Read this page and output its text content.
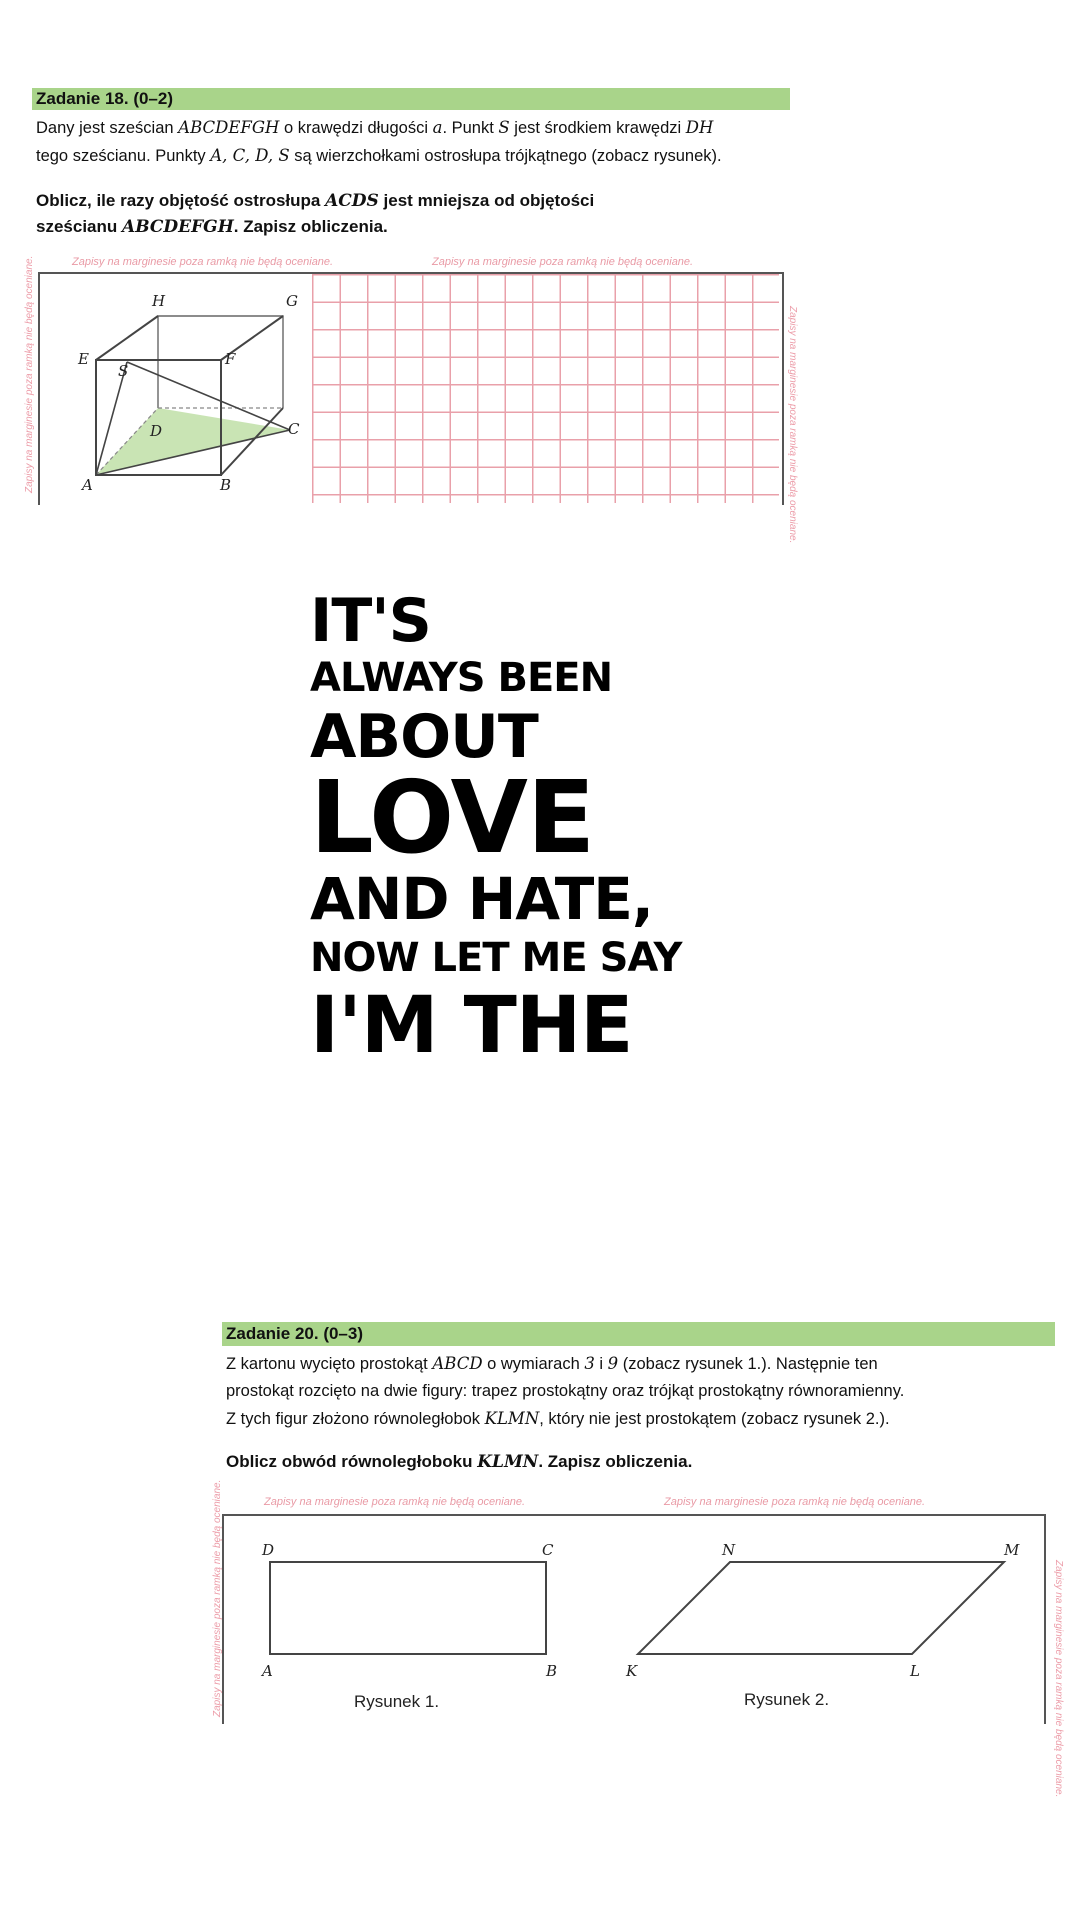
Zadanie 18. (0–2)
Dany jest sześcian ABCDEFGH o krawędzi długości a. Punkt S jest środkiem krawędzi DH
tego sześcianu. Punkty A, C, D, S są wierzchołkami ostrosłupa trójkątnego (zobacz rysunek).
Oblicz, ile razy objętość ostrosłupa ACDS jest mniejsza od objętości
sześcianu ABCDEFGH. Zapisz obliczenia.
Zapisy na marginesie poza ramką nie będą oceniane.	Zapisy na marginesie poza ramką nie będą oceniane.
Zapisy na marginesie poza ramką nie będą oceniane.	Zapisy na marginesie poza ramką nie będą oceniane.
H	G
E	F
S
D	C
A	B
IT'S
ALWAYS BEEN
ABOUT
LOVE
AND HATE,
NOW LET ME SAY
I'M THE
Zadanie 20. (0–3)
Z kartonu wycięto prostokąt ABCD o wymiarach 3 i 9 (zobacz rysunek 1.). Następnie ten
prostokąt rozcięto na dwie figury: trapez prostokątny oraz trójkąt prostokątny równoramienny.
Z tych figur złożono równoległobok KLMN, który nie jest prostokątem (zobacz rysunek 2.).
Oblicz obwód równoległoboku KLMN. Zapisz obliczenia.
Zapisy na marginesie poza ramką nie będą oceniane.	Zapisy na marginesie poza ramką nie będą oceniane.
Zapisy na marginesie poza ramką nie będą oceniane.	Zapisy na marginesie poza ramką nie będą oceniane.
D	C
A	B
N	M
K	L
Rysunek 1.	Rysunek 2.
